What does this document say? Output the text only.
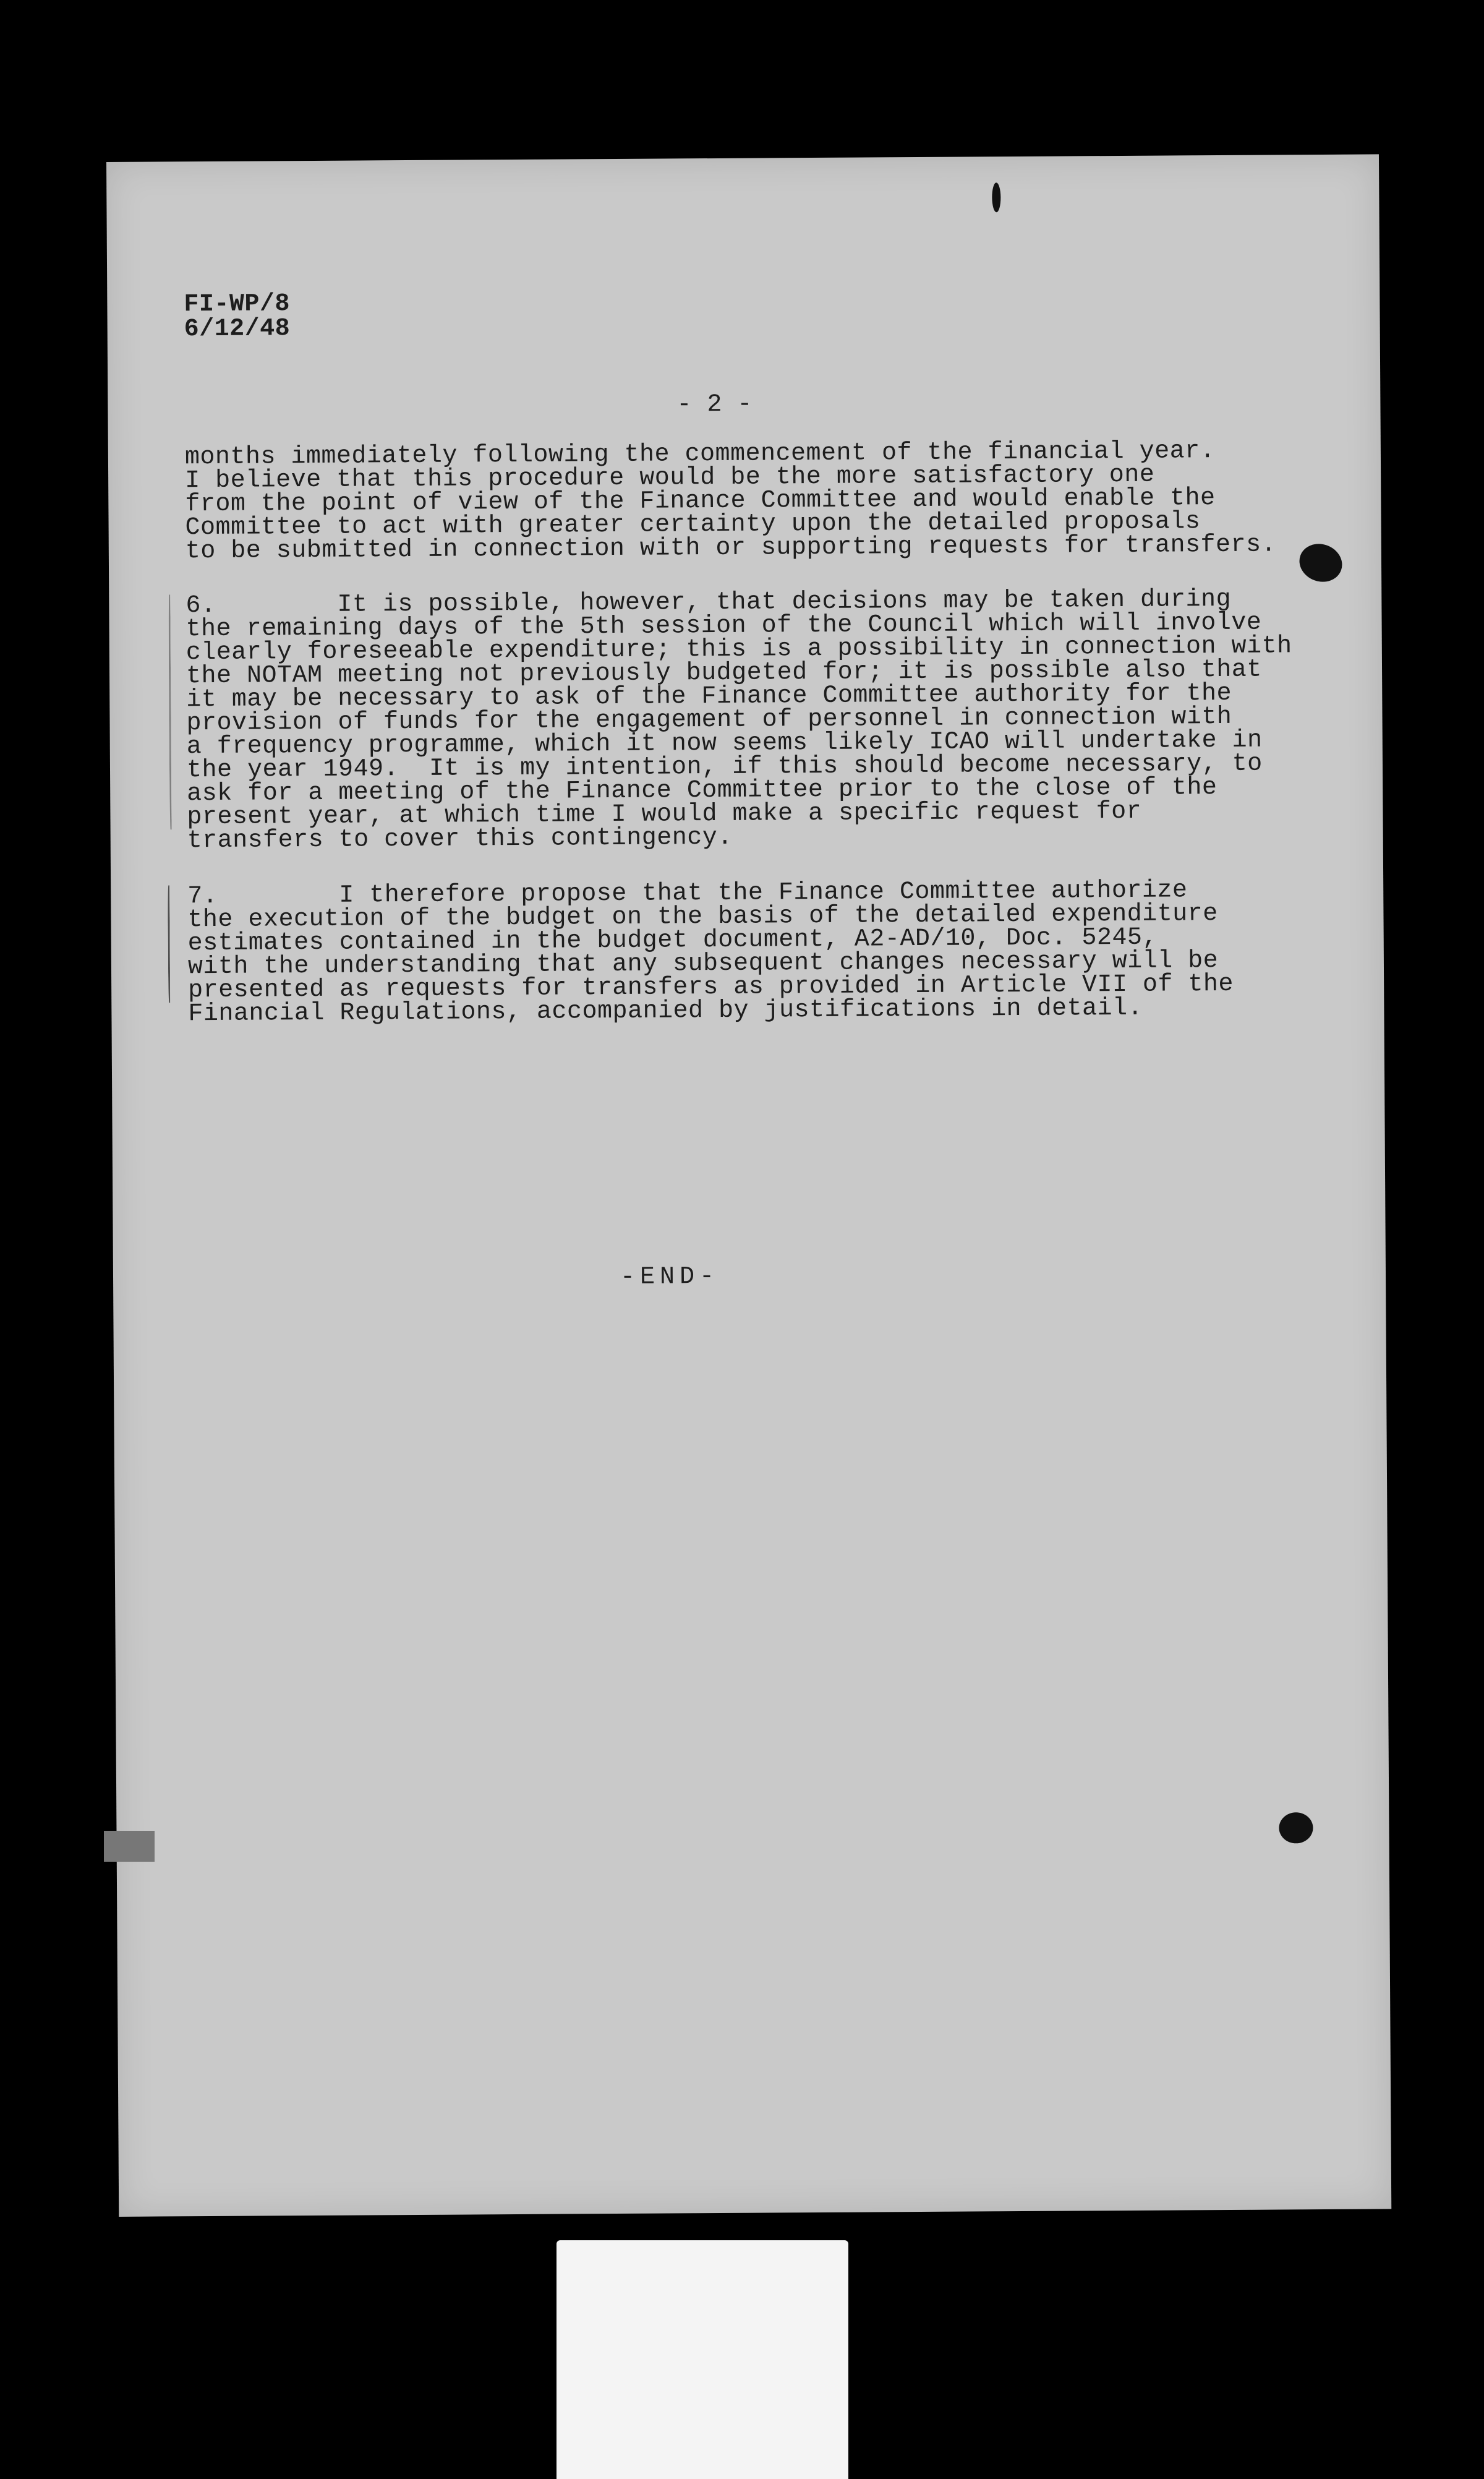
FI-WP/8
6/12/48
- 2 -
months immediately following the commencement of the financial year.
I believe that this procedure would be the more satisfactory one
from the point of view of the Finance Committee and would enable the
Committee to act with greater certainty upon the detailed proposals
to be submitted in connection with or supporting requests for transfers.
6.        It is possible, however, that decisions may be taken during
the remaining days of the 5th session of the Council which will involve
clearly foreseeable expenditure; this is a possibility in connection with
the NOTAM meeting not previously budgeted for; it is possible also that
it may be necessary to ask of the Finance Committee authority for the
provision of funds for the engagement of personnel in connection with
a frequency programme, which it now seems likely ICAO will undertake in
the year 1949.  It is my intention, if this should become necessary, to
ask for a meeting of the Finance Committee prior to the close of the
present year, at which time I would make a specific request for
transfers to cover this contingency.
7.        I therefore propose that the Finance Committee authorize
the execution of the budget on the basis of the detailed expenditure
estimates contained in the budget document, A2-AD/10, Doc. 5245,
with the understanding that any subsequent changes necessary will be
presented as requests for transfers as provided in Article VII of the
Financial Regulations, accompanied by justifications in detail.
-END-
